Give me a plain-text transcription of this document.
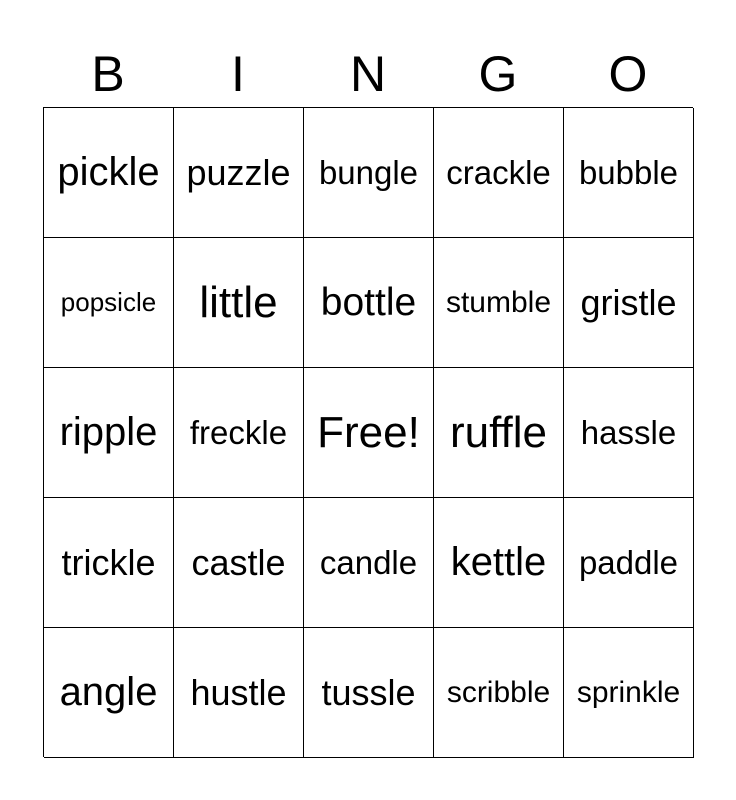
B	I	N	G	O
pickle puzzle bungle crackle bubble
popsicle little	bottle stumble gristle
ripple freckle Free! ruffle	hassle
trickle castle	candle kettle paddle
angle hustle tussle	scribble sprinkle
